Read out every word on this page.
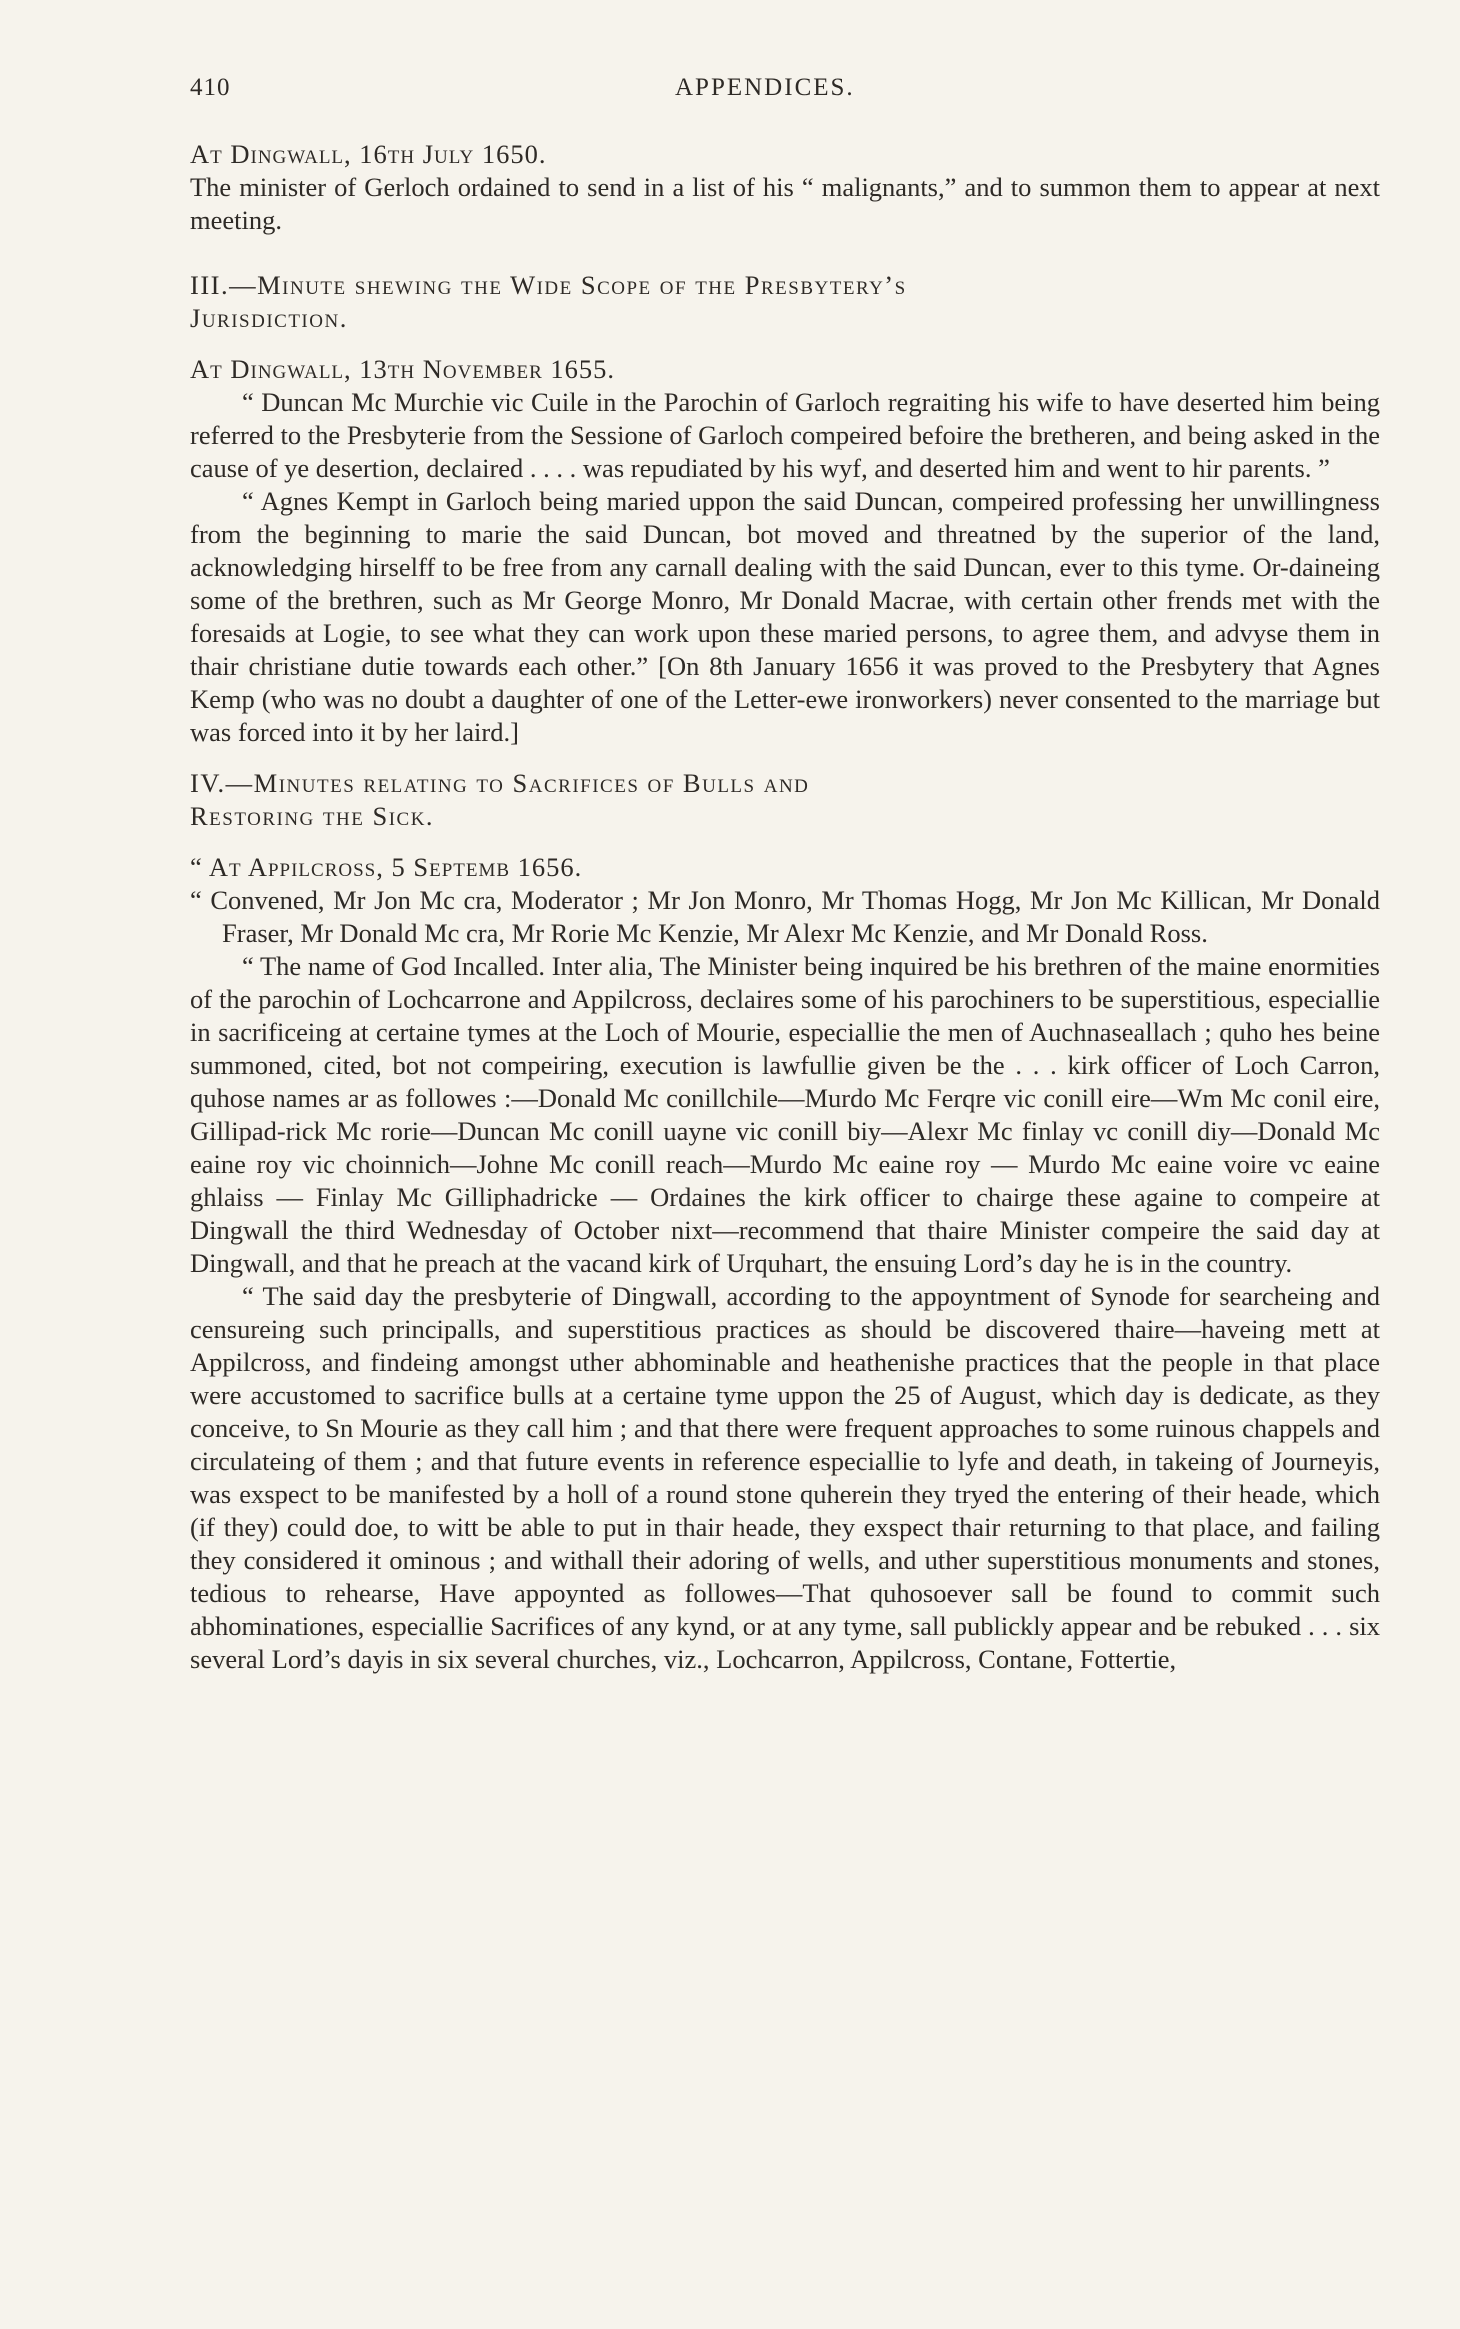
410	APPENDICES.

At Dingwall, 16th July 1650.

The minister of Gerloch ordained to send in a list of his “ malignants,” and to summon them to appear at next meeting.

III.—Minute shewing the Wide Scope of the Presbytery’s

Jurisdiction.

At Dingwall, 13th November 1655.

“ Duncan Mc Murchie vic Cuile in the Parochin of Garloch regraiting his wife to have deserted him being referred to the Presbyterie from the Sessione of Garloch compeired befoire the bretheren, and being asked in the cause of ye desertion, declaired . . . . was repudiated by his wyf, and deserted him and went to hir parents. ”

“ Agnes Kempt in Garloch being maried uppon the said Duncan, compeired professing her unwillingness from the beginning to marie the said Duncan, bot moved and threatned by the superior of the land, acknowledging hirselff to be free from any carnall dealing with the said Duncan, ever to this tyme. Or-daineing some of the brethren, such as Mr George Monro, Mr Donald Macrae, with certain other frends met with the foresaids at Logie, to see what they can work upon these maried persons, to agree them, and advyse them in thair christiane dutie towards each other.” [On 8th January 1656 it was proved to the Presbytery that Agnes Kemp (who was no doubt a daughter of one of the Letter-ewe ironworkers) never consented to the marriage but was forced into it by her laird.]

IV.—Minutes relating to Sacrifices of Bulls and

Restoring the Sick.

“ At Appilcross, 5 Septemb 1656.

“ Convened, Mr Jon Mc cra, Moderator ; Mr Jon Monro, Mr Thomas Hogg, Mr Jon Mc Killican, Mr Donald Fraser, Mr Donald Mc cra, Mr Rorie Mc Kenzie, Mr Alexr Mc Kenzie, and Mr Donald Ross.

“ The name of God Incalled. Inter alia, The Minister being inquired be his brethren of the maine enormities of the parochin of Lochcarrone and Appilcross, declaires some of his parochiners to be superstitious, especiallie in sacrificeing at certaine tymes at the Loch of Mourie, especiallie the men of Auchnaseallach ; quho hes beine summoned, cited, bot not compeiring, execution is lawfullie given be the . . . kirk officer of Loch Carron, quhose names ar as followes :—Donald Mc conillchile—Murdo Mc Ferqre vic conill eire—Wm Mc conil eire, Gillipad-rick Mc rorie—Duncan Mc conill uayne vic conill biy—Alexr Mc finlay vc conill diy—Donald Mc eaine roy vic choinnich—Johne Mc conill reach—Murdo Mc eaine roy — Murdo Mc eaine voire vc eaine ghlaiss — Finlay Mc Gilliphadricke — Ordaines the kirk officer to chairge these againe to compeire at Dingwall the third Wednesday of October nixt—recommend that thaire Minister compeire the said day at Dingwall, and that he preach at the vacand kirk of Urquhart, the ensuing Lord’s day he is in the country.

“ The said day the presbyterie of Dingwall, according to the appoyntment of Synode for searcheing and censureing such principalls, and superstitious practices as should be discovered thaire—haveing mett at Appilcross, and findeing amongst uther abhominable and heathenishe practices that the people in that place were accustomed to sacrifice bulls at a certaine tyme uppon the 25 of August, which day is dedicate, as they conceive, to Sn Mourie as they call him ; and that there were frequent approaches to some ruinous chappels and circulateing of them ; and that future events in reference especiallie to lyfe and death, in takeing of Journeyis, was exspect to be manifested by a holl of a round stone quherein they tryed the entering of their heade, which (if they) could doe, to witt be able to put in thair heade, they exspect thair returning to that place, and failing they considered it ominous ; and withall their adoring of wells, and uther superstitious monuments and stones, tedious to rehearse, Have appoynted as followes—That quhosoever sall be found to commit such abhominationes, especiallie Sacrifices of any kynd, or at any tyme, sall publickly appear and be rebuked . . . six several Lord’s dayis in six several churches, viz., Lochcarron, Appilcross, Contane, Fottertie,
